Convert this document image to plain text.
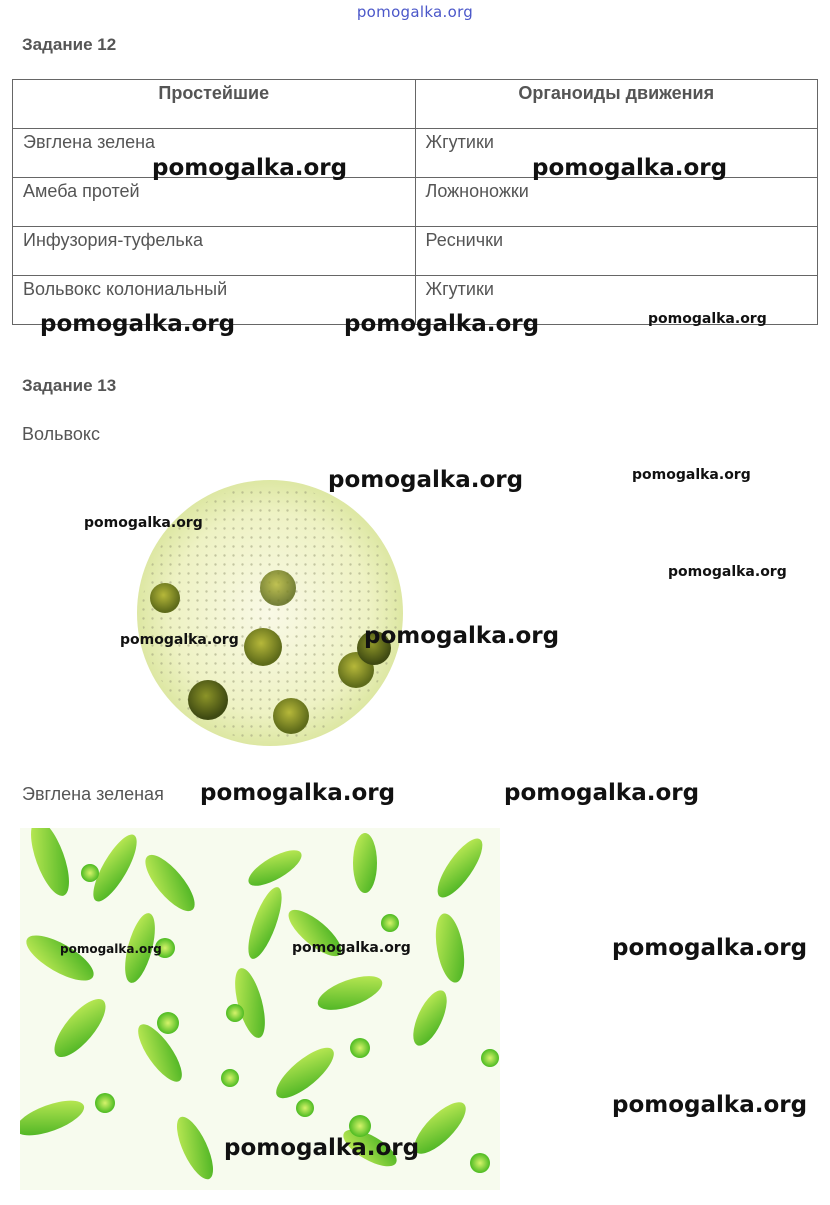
pomogalka.org
Задание 12
Простейшие	Органоиды движения
Эвглена зелена	Жгутики
Амеба протей	Ложноножки
Инфузория-туфелька	Реснички
Вольвокс колониальный	Жгутики
Задание 13
Вольвокс
Эвглена зеленая
pomogalka.org	pomogalka.org
pomogalka.org	pomogalka.org	pomogalka.org
pomogalka.org	pomogalka.org
pomogalka.org
pomogalka.org
pomogalka.org	pomogalka.org
pomogalka.org	pomogalka.org
pomogalka.org	pomogalka.org	pomogalka.org
pomogalka.org
pomogalka.org
